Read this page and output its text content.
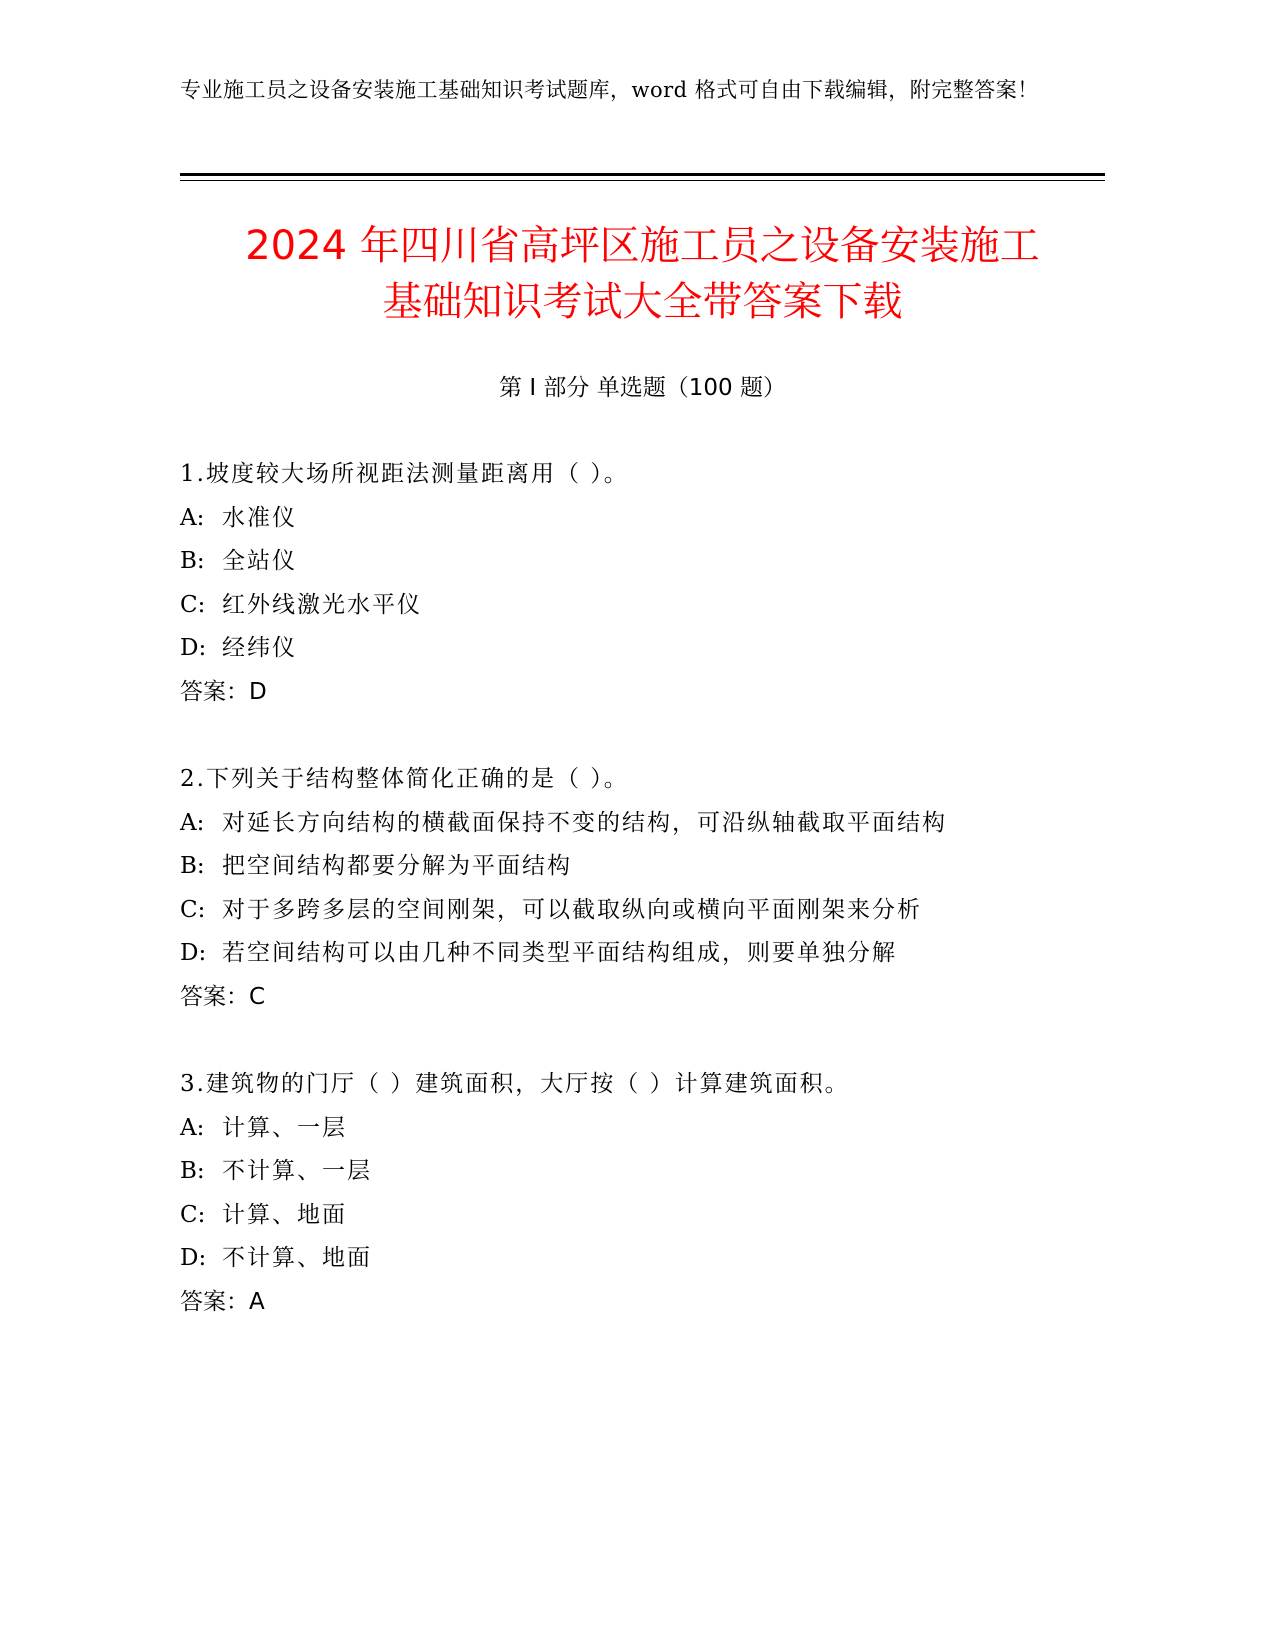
专业施工员之设备安装施工基础知识考试题库，word 格式可自由下载编辑，附完整答案！
2024 年四川省高坪区施工员之设备安装施工
基础知识考试大全带答案下载
第 I 部分 单选题（100 题）
1.坡度较大场所视距法测量距离用（ ）。
A: 水准仪
B: 全站仪
C: 红外线激光水平仪
D: 经纬仪
答案：D
2.下列关于结构整体简化正确的是（ ）。
A: 对延长方向结构的横截面保持不变的结构，可沿纵轴截取平面结构
B: 把空间结构都要分解为平面结构
C: 对于多跨多层的空间刚架，可以截取纵向或横向平面刚架来分析
D: 若空间结构可以由几种不同类型平面结构组成，则要单独分解
答案：C
3.建筑物的门厅（ ）建筑面积，大厅按（ ）计算建筑面积。
A: 计算、一层
B: 不计算、一层
C: 计算、地面
D: 不计算、地面
答案：A
